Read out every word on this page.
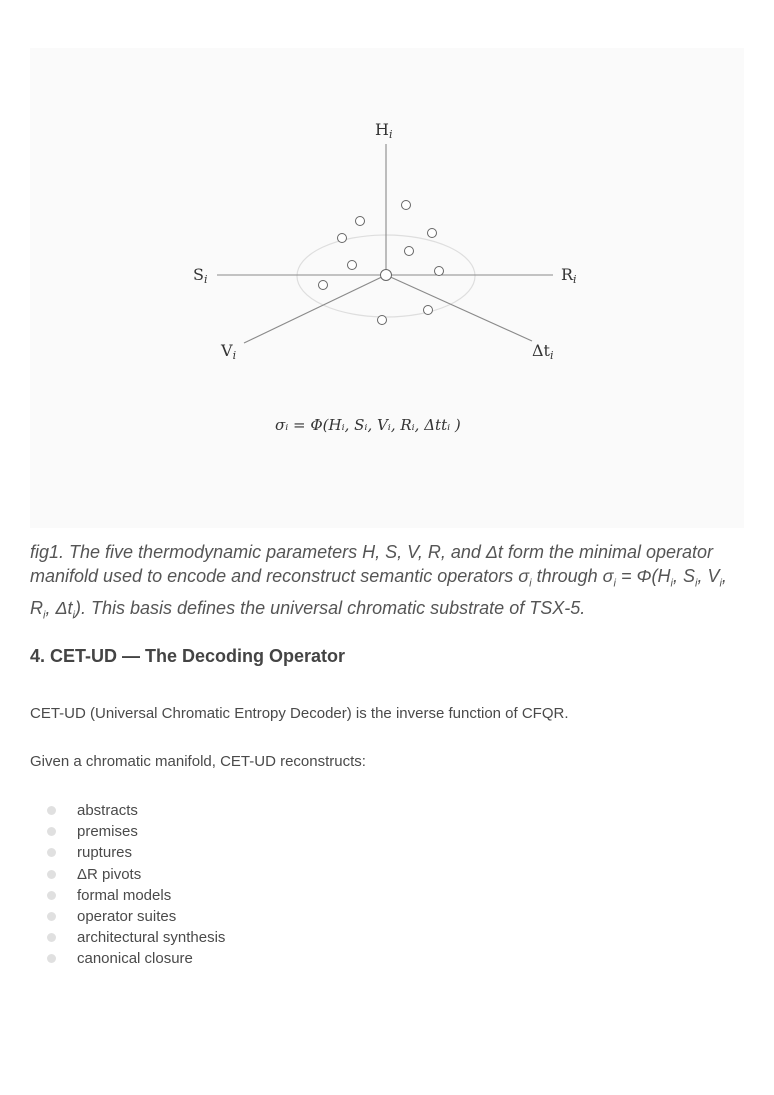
Hi
Si	Ri
Vi	Δti
σᵢ = Φ(Hᵢ, Sᵢ, Vᵢ, Rᵢ, Δttᵢ )
fig1. The five thermodynamic parameters H, S, V, R, and Δt form the minimal operator manifold used to encode and reconstruct semantic operators $\sigma_i$ through $\sigma_i = \Phi(H_i$, $S_i$, $V_i$, $R_i$, $\Delta t_i$). This basis defines the universal chromatic substrate of TSX-5.
4. CET-UD — The Decoding Operator
CET-UD (Universal Chromatic Entropy Decoder) is the inverse function of CFQR.
Given a chromatic manifold, CET-UD reconstructs:
abstracts
premises
ruptures
ΔR pivots
formal models
operator suites
architectural synthesis
canonical closure
